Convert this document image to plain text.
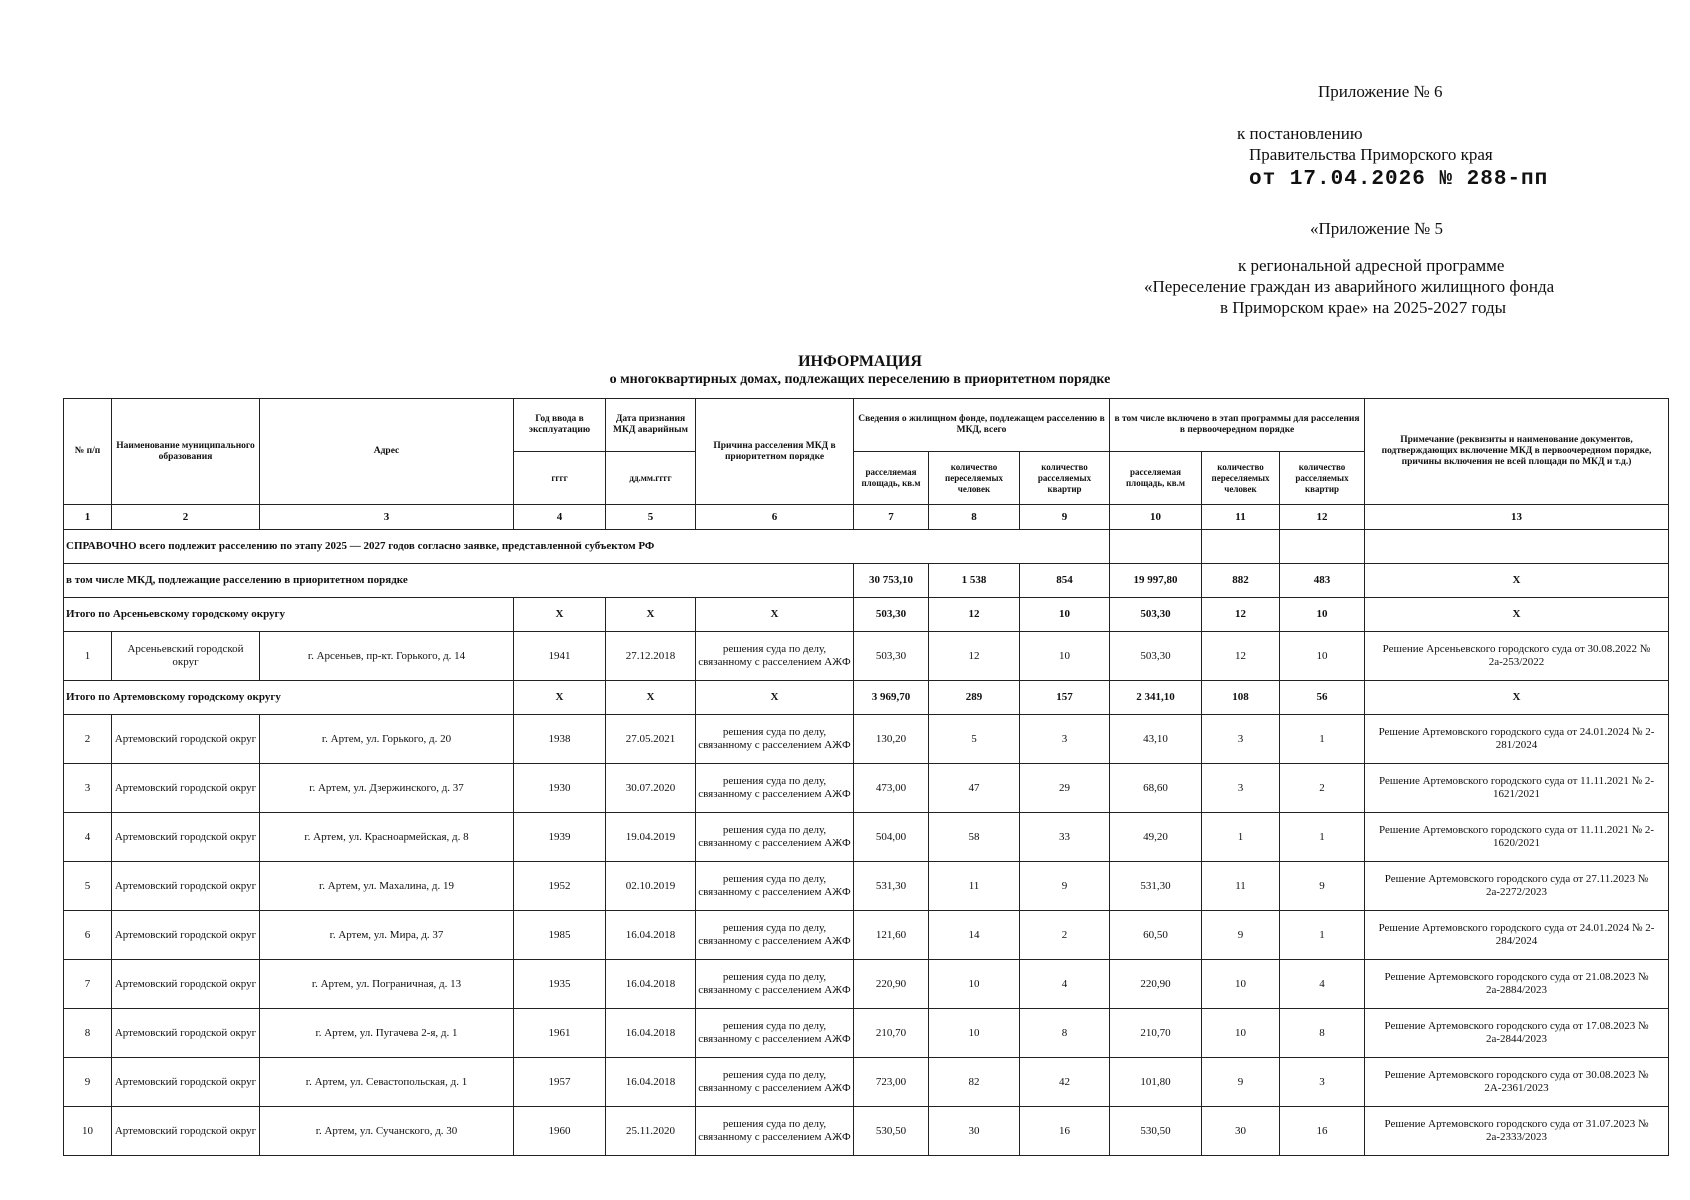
Приложение № 6
к постановлению
Правительства Приморского края
от 17.04.2026 № 288-пп
«Приложение № 5
к региональной адресной программе
«Переселение граждан из аварийного жилищного фонда
в Приморском крае» на 2025-2027 годы
ИНФОРМАЦИЯ
о многоквартирных домах, подлежащих переселению в приоритетном порядке
№ п/п	Наименование муниципального образования	Адрес	Год ввода в эксплуатацию	Дата признания МКД аварийным	Причина расселения МКД в приоритетном порядке	Сведения о жилищном фонде, подлежащем расселению в МКД, всего			в том числе включено в этап программы для расселения в первоочередном порядке			Примечание (реквизиты и наименование документов, подтверждающих включение МКД в первоочередном порядке, причины включения не всей площади по МКД и т.д.)
			гггг	дд.мм.гггг		расселяемая площадь, кв.м	количество переселяемых человек	количество расселяемых квартир	расселяемая площадь, кв.м	количество переселяемых человек	количество расселяемых квартир	
1	2	3	4	5	6	7	8	9	10	11	12	13
СПРАВОЧНО всего подлежит расселению по этапу 2025 — 2027 годов согласно заявке, представленной субъектом РФ												
в том числе МКД, подлежащие расселению в приоритетном порядке						30 753,10	1 538	854	19 997,80	882	483	X
Итого по Арсеньевскому городскому округу			X	X	X	503,30	12	10	503,30	12	10	X
1	Арсеньевский городской округ	г. Арсеньев, пр-кт. Горького, д. 14	1941	27.12.2018	решения суда по делу, связанному с расселением АЖФ	503,30	12	10	503,30	12	10	Решение Арсеньевского городского суда от 30.08.2022 № 2а-253/2022
Итого по Артемовскому городскому округу			X	X	X	3 969,70	289	157	2 341,10	108	56	X
2	Артемовский городской округ	г. Артем, ул. Горького, д. 20	1938	27.05.2021	решения суда по делу, связанному с расселением АЖФ	130,20	5	3	43,10	3	1	Решение Артемовского городского суда от 24.01.2024 № 2-281/2024
3	Артемовский городской округ	г. Артем, ул. Дзержинского, д. 37	1930	30.07.2020	решения суда по делу, связанному с расселением АЖФ	473,00	47	29	68,60	3	2	Решение Артемовского городского суда от 11.11.2021 № 2-1621/2021
4	Артемовский городской округ	г. Артем, ул. Красноармейская, д. 8	1939	19.04.2019	решения суда по делу, связанному с расселением АЖФ	504,00	58	33	49,20	1	1	Решение Артемовского городского суда от 11.11.2021 № 2-1620/2021
5	Артемовский городской округ	г. Артем, ул. Махалина, д. 19	1952	02.10.2019	решения суда по делу, связанному с расселением АЖФ	531,30	11	9	531,30	11	9	Решение Артемовского городского суда от 27.11.2023 № 2а-2272/2023
6	Артемовский городской округ	г. Артем, ул. Мира, д. 37	1985	16.04.2018	решения суда по делу, связанному с расселением АЖФ	121,60	14	2	60,50	9	1	Решение Артемовского городского суда от 24.01.2024 № 2-284/2024
7	Артемовский городской округ	г. Артем, ул. Пограничная, д. 13	1935	16.04.2018	решения суда по делу, связанному с расселением АЖФ	220,90	10	4	220,90	10	4	Решение Артемовского городского суда от 21.08.2023 № 2а-2884/2023
8	Артемовский городской округ	г. Артем, ул. Пугачева 2-я, д. 1	1961	16.04.2018	решения суда по делу, связанному с расселением АЖФ	210,70	10	8	210,70	10	8	Решение Артемовского городского суда от 17.08.2023 № 2а-2844/2023
9	Артемовский городской округ	г. Артем, ул. Севастопольская, д. 1	1957	16.04.2018	решения суда по делу, связанному с расселением АЖФ	723,00	82	42	101,80	9	3	Решение Артемовского городского суда от 30.08.2023 № 2А-2361/2023
10	Артемовский городской округ	г. Артем, ул. Сучанского, д. 30	1960	25.11.2020	решения суда по делу, связанному с расселением АЖФ	530,50	30	16	530,50	30	16	Решение Артемовского городского суда от 31.07.2023 № 2а-2333/2023
